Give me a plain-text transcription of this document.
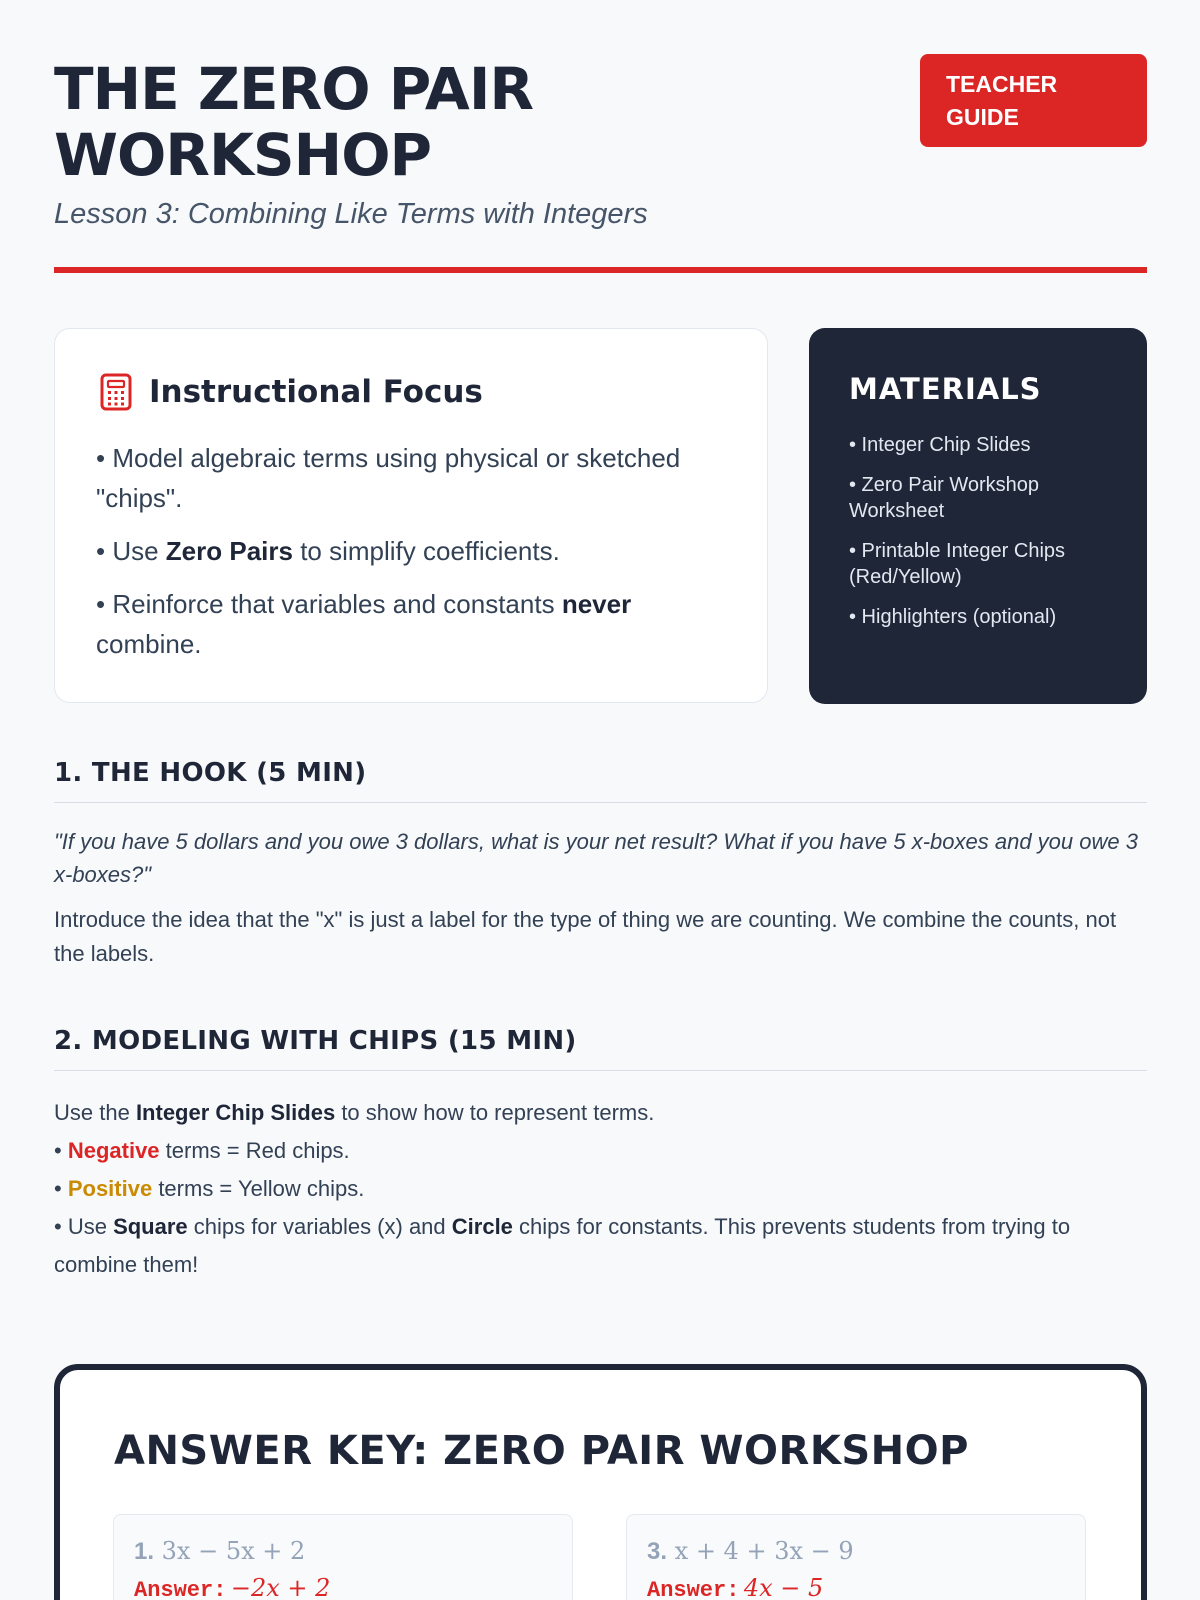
THE ZERO PAIR WORKSHOP
TEACHER GUIDE
Lesson 3: Combining Like Terms with Integers
Instructional Focus

• Model algebraic terms using physical or sketched "chips".

• Use Zero Pairs to simplify coefficients.

• Reinforce that variables and constants never combine.

MATERIALS

• Integer Chip Slides

• Zero Pair Workshop Worksheet

• Printable Integer Chips (Red/Yellow)

• Highlighters (optional)

1. THE HOOK (5 MIN)

"If you have 5 dollars and you owe 3 dollars, what is your net result? What if you have 5 x-boxes and you owe 3 x-boxes?"

Introduce the idea that the "x" is just a label for the type of thing we are counting. We combine the counts, not the labels.

2. MODELING WITH CHIPS (15 MIN)

Use the Integer Chip Slides to show how to represent terms.

• Negative terms = Red chips.

• Positive terms = Yellow chips.

• Use Square chips for variables (x) and Circle chips for constants. This prevents students from trying to combine them!

ANSWER KEY: ZERO PAIR WORKSHOP
1. 3x − 5x + 2
Answer: −2x + 2
3. x + 4 + 3x − 9
Answer: 4x − 5
